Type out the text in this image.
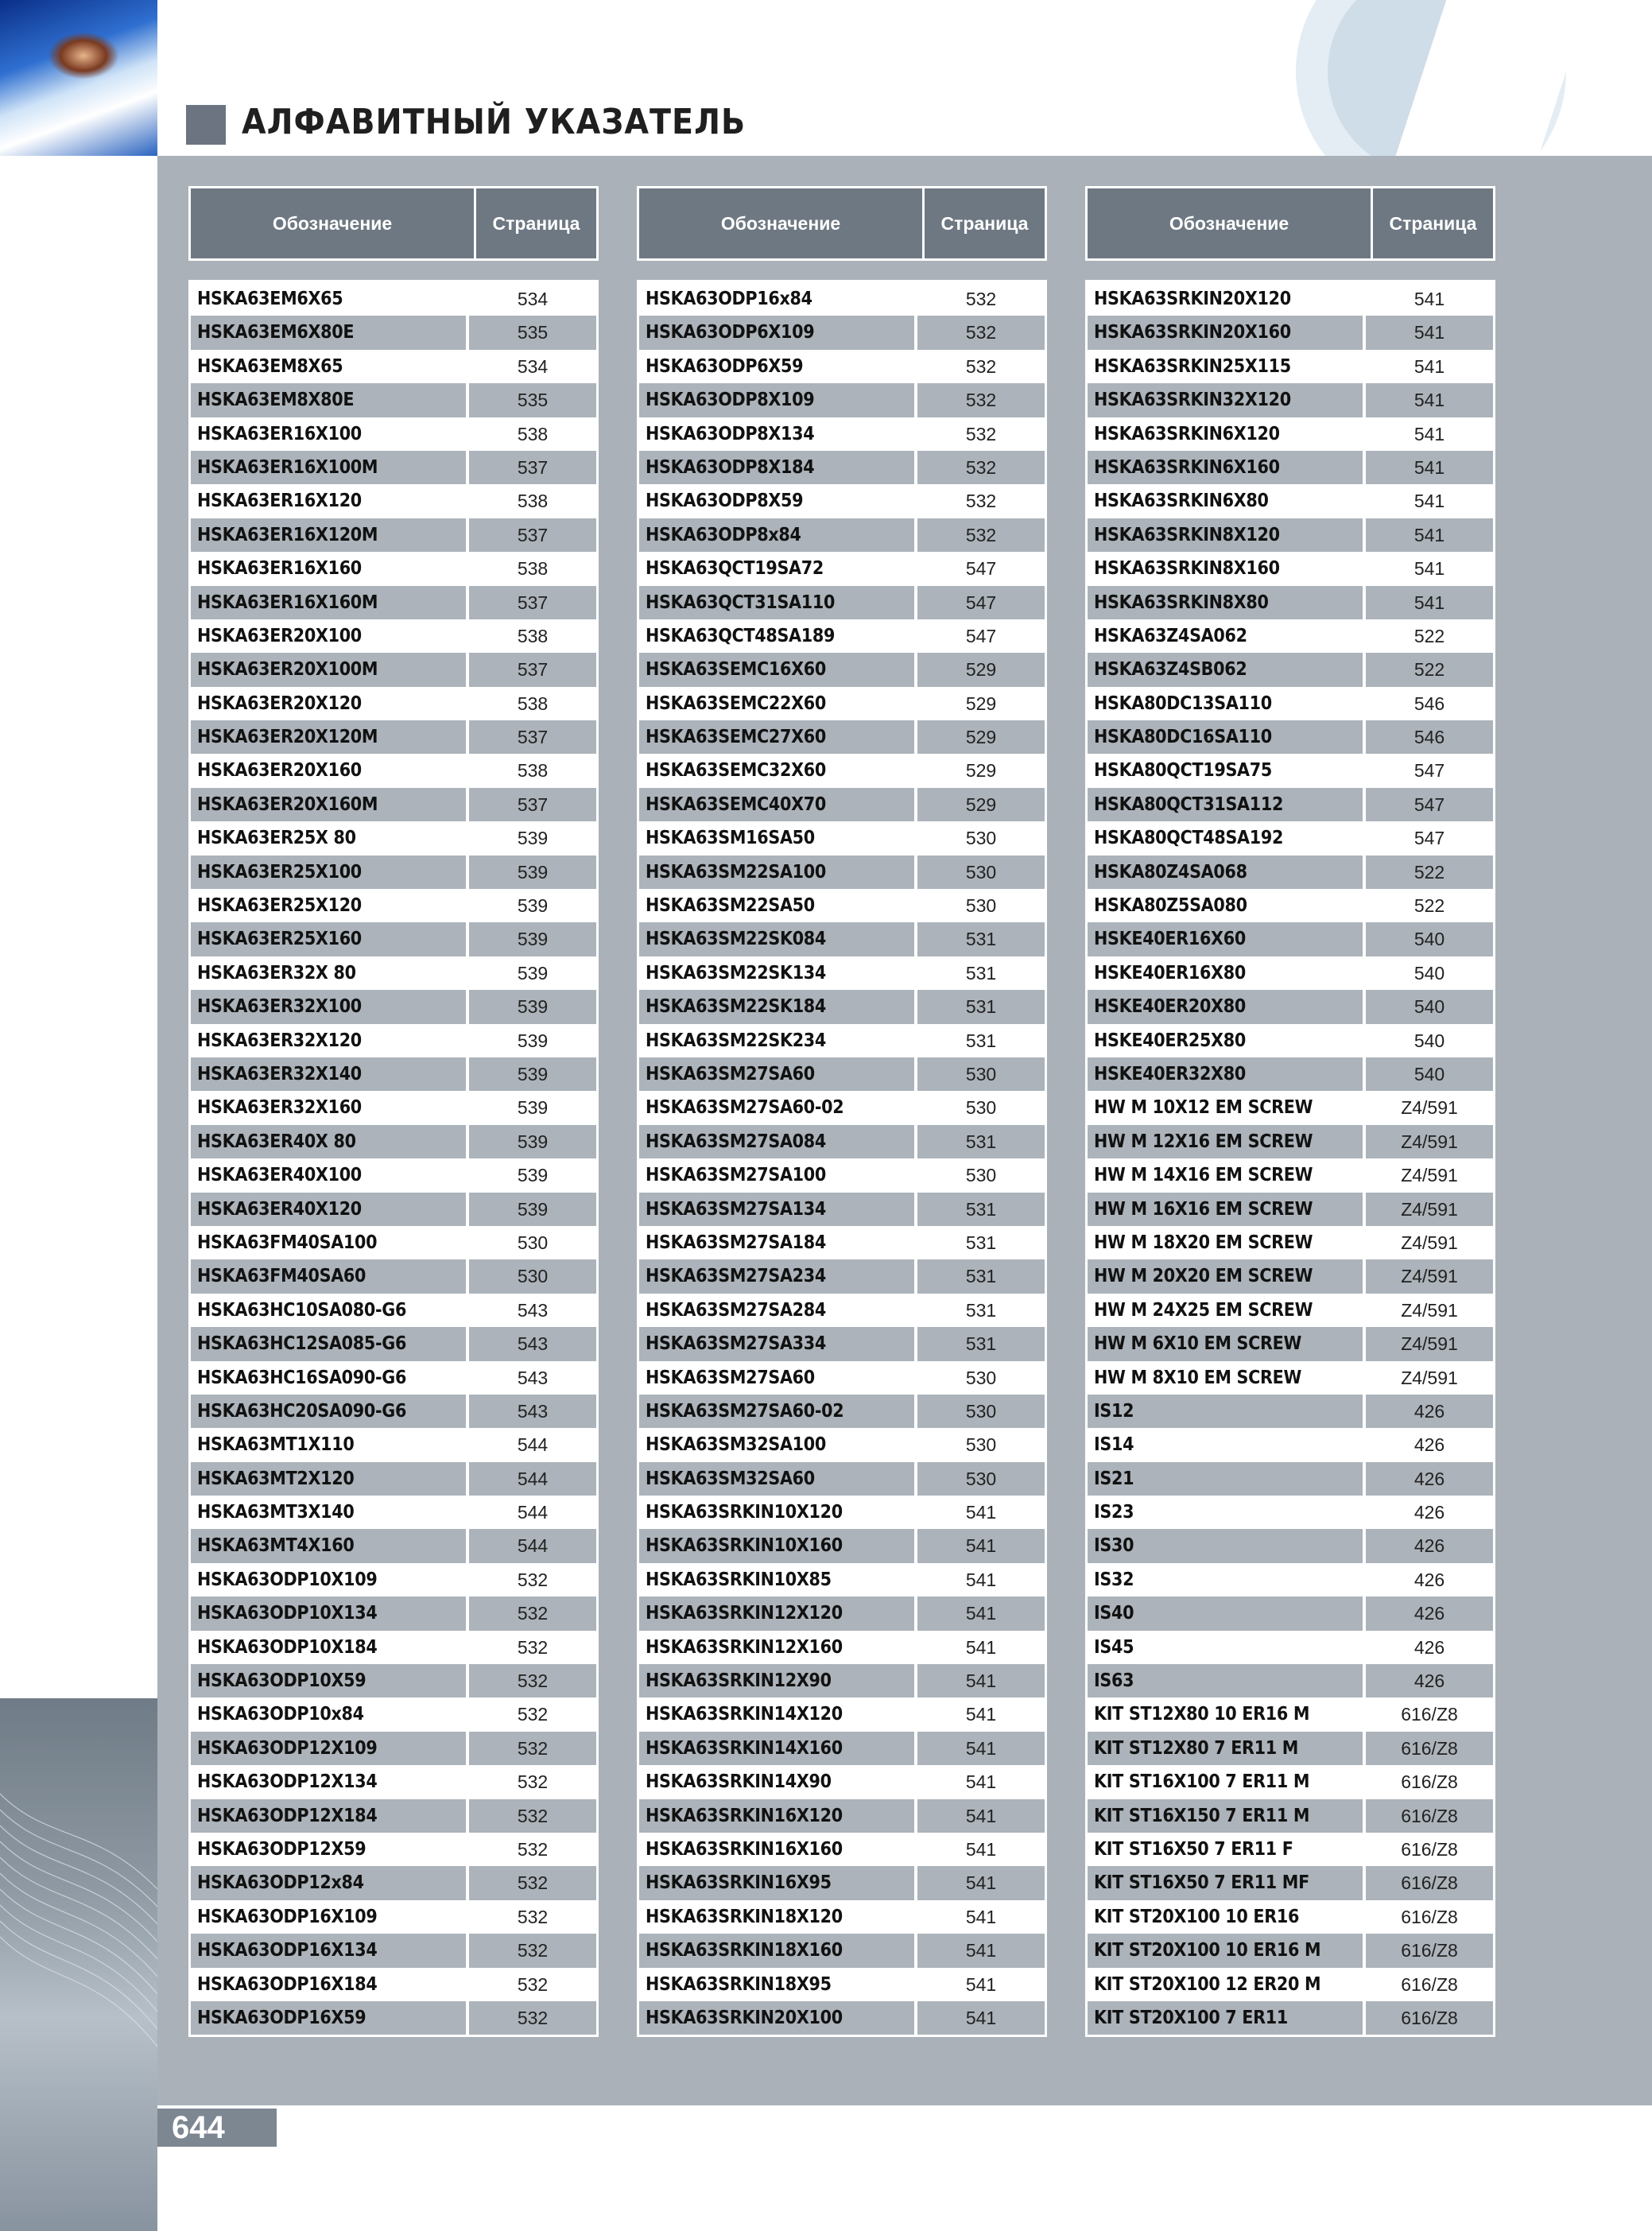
АЛФАВИТНЫЙ УКАЗАТЕЛЬ
Обозначение	Страница
HSKA63EM6X65	534
HSKA63EM6X80E	535
HSKA63EM8X65	534
HSKA63EM8X80E	535
HSKA63ER16X100	538
HSKA63ER16X100M	537
HSKA63ER16X120	538
HSKA63ER16X120M	537
HSKA63ER16X160	538
HSKA63ER16X160M	537
HSKA63ER20X100	538
HSKA63ER20X100M	537
HSKA63ER20X120	538
HSKA63ER20X120M	537
HSKA63ER20X160	538
HSKA63ER20X160M	537
HSKA63ER25X 80	539
HSKA63ER25X100	539
HSKA63ER25X120	539
HSKA63ER25X160	539
HSKA63ER32X 80	539
HSKA63ER32X100	539
HSKA63ER32X120	539
HSKA63ER32X140	539
HSKA63ER32X160	539
HSKA63ER40X 80	539
HSKA63ER40X100	539
HSKA63ER40X120	539
HSKA63FM40SA100	530
HSKA63FM40SA60	530
HSKA63HC10SA080-G6	543
HSKA63HC12SA085-G6	543
HSKA63HC16SA090-G6	543
HSKA63HC20SA090-G6	543
HSKA63MT1X110	544
HSKA63MT2X120	544
HSKA63MT3X140	544
HSKA63MT4X160	544
HSKA63ODP10X109	532
HSKA63ODP10X134	532
HSKA63ODP10X184	532
HSKA63ODP10X59	532
HSKA63ODP10x84	532
HSKA63ODP12X109	532
HSKA63ODP12X134	532
HSKA63ODP12X184	532
HSKA63ODP12X59	532
HSKA63ODP12x84	532
HSKA63ODP16X109	532
HSKA63ODP16X134	532
HSKA63ODP16X184	532
HSKA63ODP16X59	532
Обозначение	Страница
HSKA63ODP16x84	532
HSKA63ODP6X109	532
HSKA63ODP6X59	532
HSKA63ODP8X109	532
HSKA63ODP8X134	532
HSKA63ODP8X184	532
HSKA63ODP8X59	532
HSKA63ODP8x84	532
HSKA63QCT19SA72	547
HSKA63QCT31SA110	547
HSKA63QCT48SA189	547
HSKA63SEMC16X60	529
HSKA63SEMC22X60	529
HSKA63SEMC27X60	529
HSKA63SEMC32X60	529
HSKA63SEMC40X70	529
HSKA63SM16SA50	530
HSKA63SM22SA100	530
HSKA63SM22SA50	530
HSKA63SM22SK084	531
HSKA63SM22SK134	531
HSKA63SM22SK184	531
HSKA63SM22SK234	531
HSKA63SM27SA60	530
HSKA63SM27SA60-02	530
HSKA63SM27SA084	531
HSKA63SM27SA100	530
HSKA63SM27SA134	531
HSKA63SM27SA184	531
HSKA63SM27SA234	531
HSKA63SM27SA284	531
HSKA63SM27SA334	531
HSKA63SM27SA60	530
HSKA63SM27SA60-02	530
HSKA63SM32SA100	530
HSKA63SM32SA60	530
HSKA63SRKIN10X120	541
HSKA63SRKIN10X160	541
HSKA63SRKIN10X85	541
HSKA63SRKIN12X120	541
HSKA63SRKIN12X160	541
HSKA63SRKIN12X90	541
HSKA63SRKIN14X120	541
HSKA63SRKIN14X160	541
HSKA63SRKIN14X90	541
HSKA63SRKIN16X120	541
HSKA63SRKIN16X160	541
HSKA63SRKIN16X95	541
HSKA63SRKIN18X120	541
HSKA63SRKIN18X160	541
HSKA63SRKIN18X95	541
HSKA63SRKIN20X100	541
Обозначение	Страница
HSKA63SRKIN20X120	541
HSKA63SRKIN20X160	541
HSKA63SRKIN25X115	541
HSKA63SRKIN32X120	541
HSKA63SRKIN6X120	541
HSKA63SRKIN6X160	541
HSKA63SRKIN6X80	541
HSKA63SRKIN8X120	541
HSKA63SRKIN8X160	541
HSKA63SRKIN8X80	541
HSKA63Z4SA062	522
HSKA63Z4SB062	522
HSKA80DC13SA110	546
HSKA80DC16SA110	546
HSKA80QCT19SA75	547
HSKA80QCT31SA112	547
HSKA80QCT48SA192	547
HSKA80Z4SA068	522
HSKA80Z5SA080	522
HSKE40ER16X60	540
HSKE40ER16X80	540
HSKE40ER20X80	540
HSKE40ER25X80	540
HSKE40ER32X80	540
HW M 10X12 EM SCREW	Z4/591
HW M 12X16 EM SCREW	Z4/591
HW M 14X16 EM SCREW	Z4/591
HW M 16X16 EM SCREW	Z4/591
HW M 18X20 EM SCREW	Z4/591
HW M 20X20 EM SCREW	Z4/591
HW M 24X25 EM SCREW	Z4/591
HW M 6X10 EM SCREW	Z4/591
HW M 8X10 EM SCREW	Z4/591
IS12	426
IS14	426
IS21	426
IS23	426
IS30	426
IS32	426
IS40	426
IS45	426
IS63	426
KIT ST12X80 10 ER16 M	616/Z8
KIT ST12X80 7 ER11 M	616/Z8
KIT ST16X100 7 ER11 M	616/Z8
KIT ST16X150 7 ER11 M	616/Z8
KIT ST16X50 7 ER11 F	616/Z8
KIT ST16X50 7 ER11 MF	616/Z8
KIT ST20X100 10 ER16	616/Z8
KIT ST20X100 10 ER16 M	616/Z8
KIT ST20X100 12 ER20 M	616/Z8
KIT ST20X100 7 ER11	616/Z8
644
